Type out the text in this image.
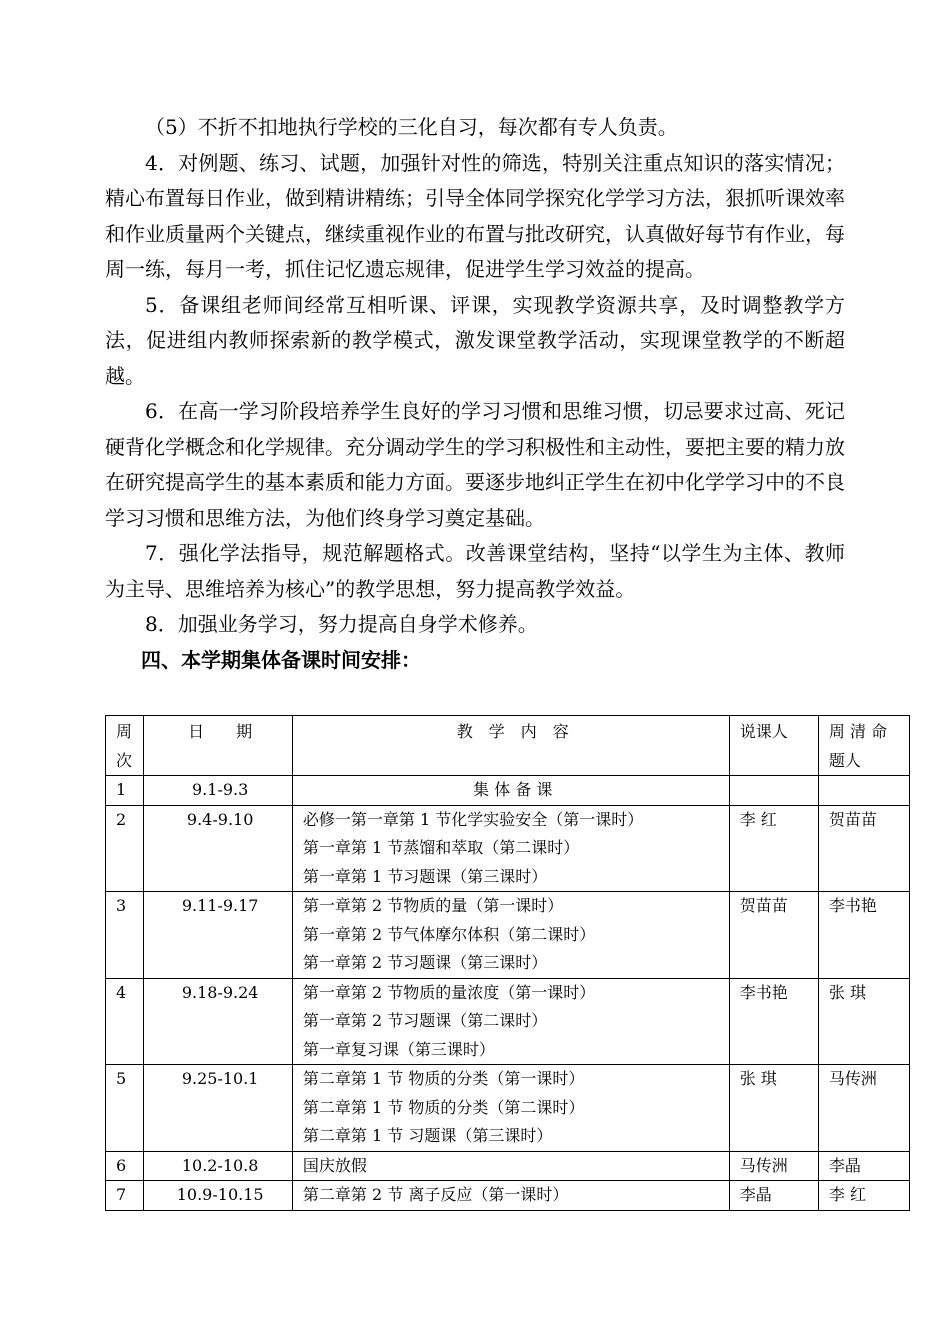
（5）不折不扣地执行学校的三化自习，每次都有专人负责。

4．对例题、练习、试题，加强针对性的筛选，特别关注重点知识的落实情况；精心布置每日作业，做到精讲精练；引导全体同学探究化学学习方法，狠抓听课效率和作业质量两个关键点，继续重视作业的布置与批改研究，认真做好每节有作业，每周一练，每月一考，抓住记忆遗忘规律，促进学生学习效益的提高。

5．备课组老师间经常互相听课、评课，实现教学资源共享，及时调整教学方法，促进组内教师探索新的教学模式，激发课堂教学活动，实现课堂教学的不断超越。

6．在高一学习阶段培养学生良好的学习习惯和思维习惯，切忌要求过高、死记硬背化学概念和化学规律。充分调动学生的学习积极性和主动性，要把主要的精力放在研究提高学生的基本素质和能力方面。要逐步地纠正学生在初中化学学习中的不良学习习惯和思维方法，为他们终身学习奠定基础。

7．强化学法指导，规范解题格式。改善课堂结构，坚持“以学生为主体、教师为主导、思维培养为核心”的教学思想，努力提高教学效益。

8．加强业务学习，努力提高自身学术修养。

四、本学期集体备课时间安排：
周次	日　　期	教　学　内　容	说课人	周 清 命题人
1	9.1-9.3	集 体 备 课		

2	9.4-9.10	必修一第一章第 1 节化学实验安全（第一课时）
第一章第 1 节蒸馏和萃取（第二课时）
第一章第 1 节习题课（第三课时）	李 红	贺苗苗
3	9.11-9.17	第一章第 2 节物质的量（第一课时）
第一章第 2 节气体摩尔体积（第二课时）
第一章第 2 节习题课（第三课时）	贺苗苗	李书艳
4	9.18-9.24	第一章第 2 节物质的量浓度（第一课时）
第一章第 2 节习题课（第二课时）
第一章复习课（第三课时）	李书艳	张 琪
5	9.25-10.1	第二章第 1 节 物质的分类（第一课时）
第二章第 1 节 物质的分类（第二课时）
第二章第 1 节 习题课（第三课时）	张 琪	马传洲
6	10.2-10.8	国庆放假	马传洲	李晶
7	10.9-10.15	第二章第 2 节 离子反应（第一课时）	李晶	李 红
